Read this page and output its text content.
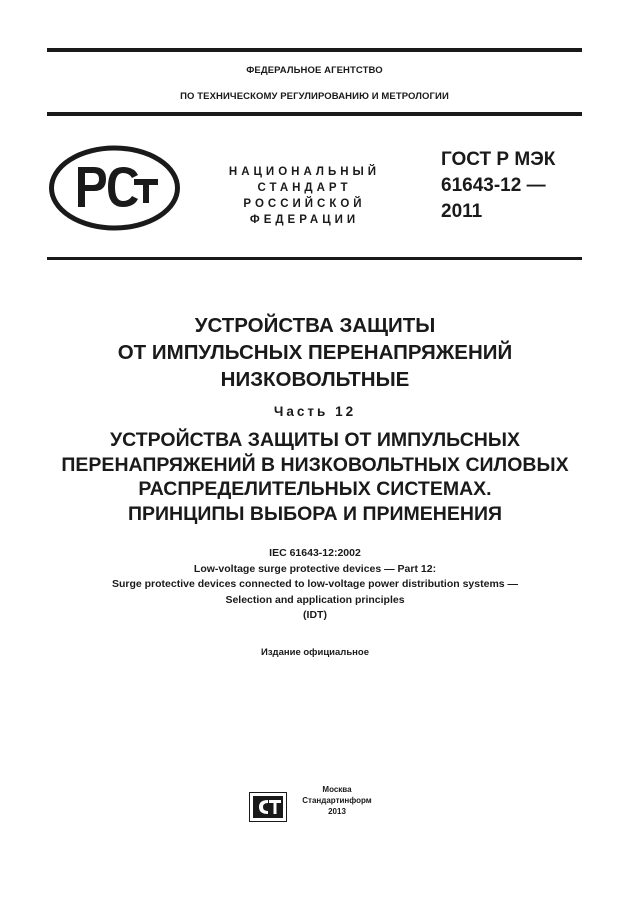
ФЕДЕРАЛЬНОЕ АГЕНТСТВО
ПО ТЕХНИЧЕСКОМУ РЕГУЛИРОВАНИЮ И МЕТРОЛОГИИ
НАЦИОНАЛЬНЫЙ
СТАНДАРТ
РОССИЙСКОЙ
ФЕДЕРАЦИИ
ГОСТ Р МЭК
61643-12 —
2011
УСТРОЙСТВА ЗАЩИТЫ
ОТ ИМПУЛЬСНЫХ ПЕРЕНАПРЯЖЕНИЙ
НИЗКОВОЛЬТНЫЕ
Часть 12
УСТРОЙСТВА ЗАЩИТЫ ОТ ИМПУЛЬСНЫХ
ПЕРЕНАПРЯЖЕНИЙ В НИЗКОВОЛЬТНЫХ СИЛОВЫХ
РАСПРЕДЕЛИТЕЛЬНЫХ СИСТЕМАХ.
ПРИНЦИПЫ ВЫБОРА И ПРИМЕНЕНИЯ
IEC 61643-12:2002
Low-voltage surge protective devices — Part 12:
Surge protective devices connected to low-voltage power distribution systems —
Selection and application principles
(IDT)
Издание официальное
Москва
Стандартинформ
2013
